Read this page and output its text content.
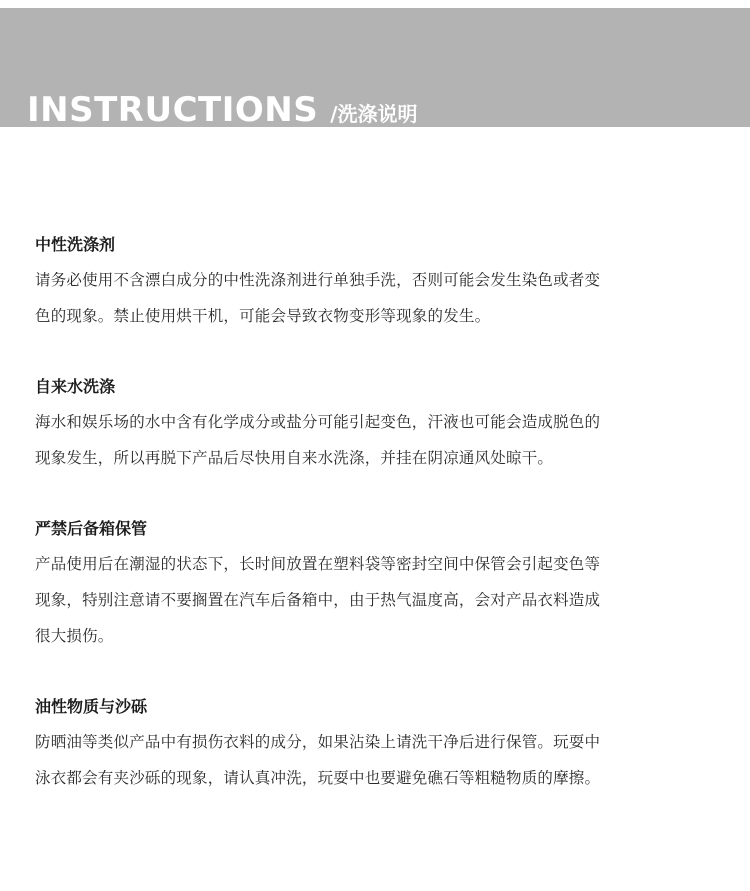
INSTRUCTIONS /洗涤说明
中性洗涤剂
请务必使用不含漂白成分的中性洗涤剂进行单独手洗，否则可能会发生染色或者变
色的现象。禁止使用烘干机，可能会导致衣物变形等现象的发生。
自来水洗涤
海水和娱乐场的水中含有化学成分或盐分可能引起变色，汗液也可能会造成脱色的
现象发生，所以再脱下产品后尽快用自来水洗涤，并挂在阴凉通风处晾干。
严禁后备箱保管
产品使用后在潮湿的状态下，长时间放置在塑料袋等密封空间中保管会引起变色等
现象，特别注意请不要搁置在汽车后备箱中，由于热气温度高，会对产品衣料造成
很大损伤。
油性物质与沙砾
防晒油等类似产品中有损伤衣料的成分，如果沾染上请洗干净后进行保管。玩耍中
泳衣都会有夹沙砾的现象，请认真冲洗，玩耍中也要避免礁石等粗糙物质的摩擦。
